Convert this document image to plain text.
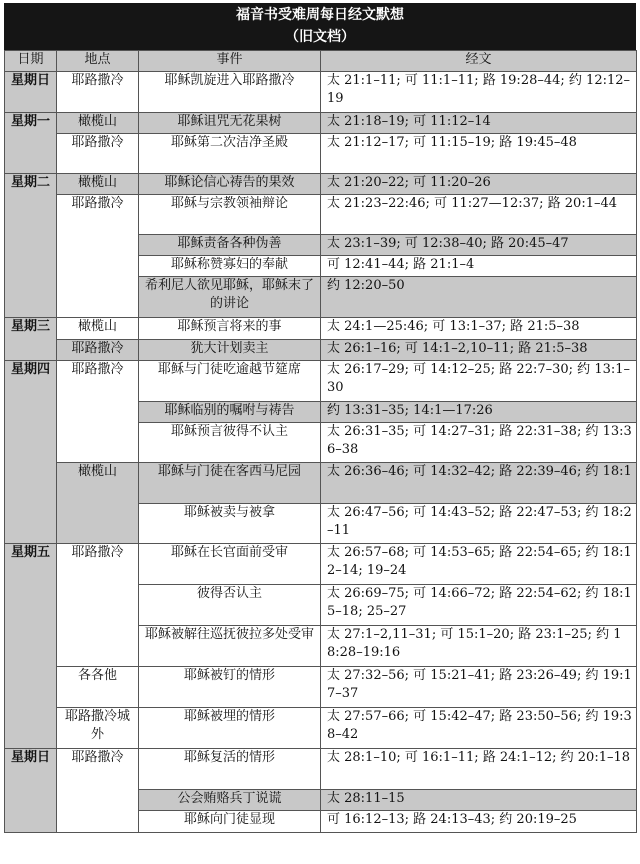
福音书受难周每日经文默想
（旧文档）
日期	地点	事件	经文
星期日	耶路撒冷	耶稣凯旋进入耶路撒冷	太 21:1–11; 可 11:1–11; 路 19:28–44; 约 12:12–19
星期一	橄榄山	耶稣诅咒无花果树	太 21:18–19; 可 11:12–14
	耶路撒冷	耶稣第二次洁净圣殿	太 21:12–17; 可 11:15–19; 路 19:45–48
星期二	橄榄山	耶稣论信心祷告的果效	太 21:20–22; 可 11:20–26
	耶路撒冷	耶稣与宗教领袖辩论	太 21:23–22:46; 可 11:27—12:37; 路 20:1–44
		耶稣责备各种伪善	太 23:1–39; 可 12:38–40; 路 20:45–47
		耶稣称赞寡妇的奉献	可 12:41–44; 路 21:1–4
		希利尼人欲见耶稣，耶稣末了的讲论	约 12:20–50
星期三	橄榄山	耶稣预言将来的事	太 24:1—25:46; 可 13:1–37; 路 21:5–38
	耶路撒冷	犹大计划卖主	太 26:1–16; 可 14:1–2,10–11; 路 21:5–38
星期四	耶路撒冷	耶稣与门徒吃逾越节筵席	太 26:17–29; 可 14:12–25; 路 22:7–30; 约 13:1–30
		耶稣临别的嘱咐与祷告	约 13:31–35; 14:1—17:26
		耶稣预言彼得不认主	太 26:31–35; 可 14:27–31; 路 22:31–38; 约 13:36–38
	橄榄山	耶稣与门徒在客西马尼园	太 26:36–46; 可 14:32–42; 路 22:39–46; 约 18:1
		耶稣被卖与被拿	太 26:47–56; 可 14:43–52; 路 22:47–53; 约 18:2–11
星期五	耶路撒冷	耶稣在长官面前受审	太 26:57–68; 可 14:53–65; 路 22:54–65; 约 18:12–14; 19–24
		彼得否认主	太 26:69–75; 可 14:66–72; 路 22:54–62; 约 18:15–18; 25–27
		耶稣被解往巡抚彼拉多处受审	太 27:1–2,11–31; 可 15:1–20; 路 23:1–25; 约 18:28–19:16
	各各他	耶稣被钉的情形	太 27:32–56; 可 15:21–41; 路 23:26–49; 约 19:17–37
	耶路撒冷城外	耶稣被埋的情形	太 27:57–66; 可 15:42–47; 路 23:50–56; 约 19:38–42
星期日	耶路撒冷	耶稣复活的情形	太 28:1–10; 可 16:1–11; 路 24:1–12; 约 20:1–18
		公会贿赂兵丁说谎	太 28:11–15
		耶稣向门徒显现	可 16:12–13; 路 24:13–43; 约 20:19–25
